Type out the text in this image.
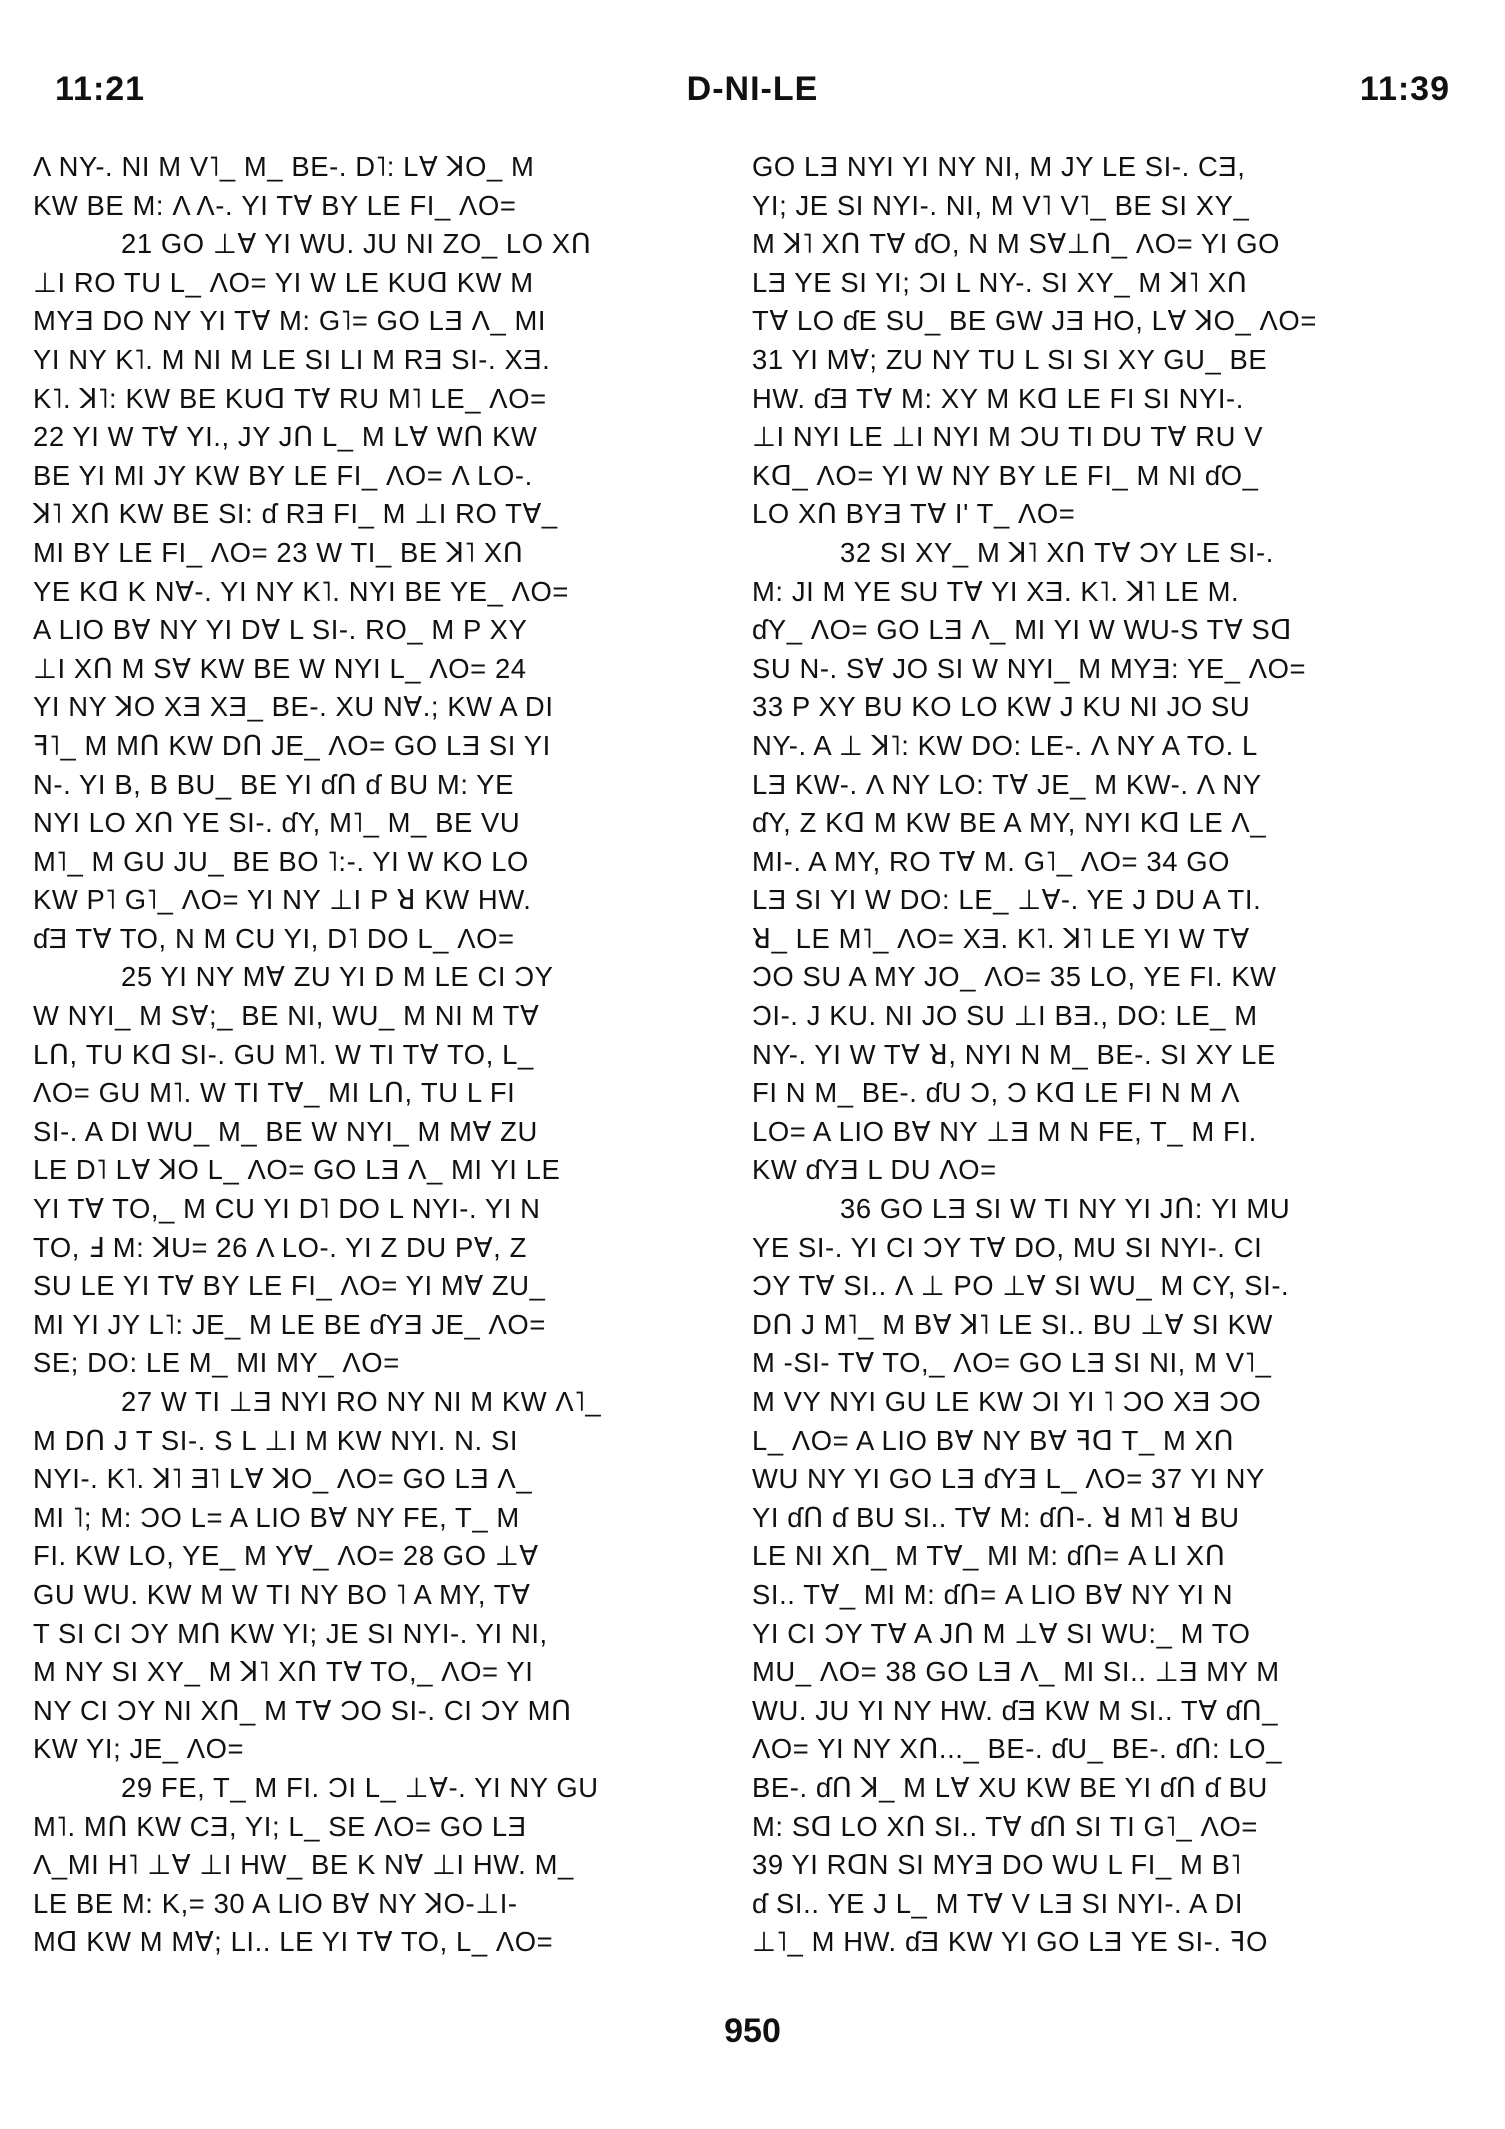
11:21	D-NI-LE	11:39
Λ NY-. NI M V˥_ M_ BE-. D˥: LⱯ ꓘO_ M
KW BE M: Λ Λ-. YI TⱯ BY LE FI_ ɅO=
21 GO ⊥Ɐ YI WU. JU NI ZO_ LO XՈ
⊥I RO TU L_ ɅO= YI W LE KUꓷ KW M
MYƎ DO NY YI TⱯ M: G˥= GO LƎ Λ_ MI
YI NY K˥. M NI M LE SI LI M RƎ SI-. XƎ.
K˥. ꓘ˥: KW BE KUꓷ TⱯ RU M˥ LE_ ɅO=
22 YI W TⱯ YI., JY JՈ L_ M LⱯ WՈ KW
BE YI MI JY KW BY LE FI_ ɅO= Λ LO-.
ꓘ˥ XՈ KW BE SI: ɗ RƎ FI_ M ⊥I RO TⱯ_
MI BY LE FI_ ɅO= 23 W TI_ BE ꓘ˥ XՈ
YE Kꓷ K NⱯ-. YI NY K˥. NYI BE YE_ ɅO=
A LIO BⱯ NY YI DⱯ L SI-. RO_ M P XY
⊥I XՈ M SⱯ KW BE W NYI L_ ɅO= 24
YI NY ꓘO XƎ XƎ_ BE-. XU NⱯ.; KW A DI
ꟻ˥_ M MՈ KW DՈ JE_ ɅO= GO LƎ SI YI
N-. YI B, B BU_ BE YI ɗՈ ɗ BU M: YE
NYI LO XՈ YE SI-. ɗY, M˥_ M_ BE VU
M˥_ M GU JU_ BE BO ˥:-. YI W KO LO
KW P˥ G˥_ ɅO= YI NY ⊥I P ꓤ KW HW.
ɗƎ TⱯ TO, N M CU YI, D˥ DO L_ ɅO=
25 YI NY MⱯ ZU YI D M LE CI ƆY
W NYI_ M SⱯ;_ BE NI, WU_ M NI M TⱯ
LՈ, TU Kꓷ SI-. GU M˥. W TI TⱯ TO, L_
ɅO= GU M˥. W TI TⱯ_ MI LՈ, TU L FI
SI-. A DI WU_ M_ BE W NYI_ M MⱯ ZU
LE D˥ LⱯ ꓘO L_ ɅO= GO LƎ Λ_ MI YI LE
YI TⱯ TO,_ M CU YI D˥ DO L NYI-. YI N
TO, Ⅎ M: ꓘU= 26 Λ LO-. YI Z DU PⱯ, Z
SU LE YI TⱯ BY LE FI_ ɅO= YI MⱯ ZU_
MI YI JY L˥: JE_ M LE BE ɗYƎ JE_ ɅO=
SE; DO: LE M_ MI MY_ ɅO=
27 W TI ⊥Ǝ NYI RO NY NI M KW Λ˥_
M DՈ J T SI-. S L ⊥I M KW NYI. N. SI
NYI-. K˥. ꓘ˥ Ǝ˥ LⱯ ꓘO_ ɅO= GO LƎ Λ_
MI ˥; M: ƆO L= A LIO BⱯ NY FE, T_ M
FI. KW LO, YE_ M YⱯ_ ɅO= 28 GO ⊥Ɐ
GU WU. KW M W TI NY BO ˥ A MY, TⱯ
T SI CI ƆY MՈ KW YI; JE SI NYI-. YI NI,
M NY SI XY_ M ꓘ˥ XՈ TⱯ TO,_ ɅO= YI
NY CI ƆY NI XՈ_ M TⱯ ƆO SI-. CI ƆY MՈ
KW YI; JE_ ɅO=
29 FE, T_ M FI. ƆI L_ ⊥Ɐ-. YI NY GU
M˥. MՈ KW CƎ, YI; L_ SE ɅO= GO LƎ
Λ_MI H˥ ⊥Ɐ ⊥I HW_ BE K NⱯ ⊥I HW. M_
LE BE M: K,= 30 A LIO BⱯ NY ꓘO-⊥I-
Mꓷ KW M MⱯ; LI.. LE YI TⱯ TO, L_ ɅO=
GO LƎ NYI YI NY NI, M JY LE SI-. CƎ,
YI; JE SI NYI-. NI, M V˥ V˥_ BE SI XY_
M ꓘ˥ XՈ TⱯ ɗO, N M SⱯ⊥Ո_ ɅO= YI GO
LƎ YE SI YI; ƆI L NY-. SI XY_ M ꓘ˥ XՈ
TⱯ LO ɗE SU_ BE GW JƎ HO, LⱯ ꓘO_ ɅO=
31 YI MⱯ; ZU NY TU L SI SI XY GU_ BE
HW. ɗƎ TⱯ M: XY M Kꓷ LE FI SI NYI-.
⊥I NYI LE ⊥I NYI M ƆU TI DU TⱯ RU V
Kꓷ_ ɅO= YI W NY BY LE FI_ M NI ɗO_
LO XՈ BYƎ TⱯ I' T_ ɅO=
32 SI XY_ M ꓘ˥ XՈ TⱯ ƆY LE SI-.
M: JI M YE SU TⱯ YI XƎ. K˥. ꓘ˥ LE M.
ɗY_ ɅO= GO LƎ Λ_ MI YI W WU-S TⱯ Sꓷ
SU N-. SⱯ JO SI W NYI_ M MYƎ: YE_ ɅO=
33 P XY BU KO LO KW J KU NI JO SU
NY-. A ⊥ ꓘ˥: KW DO: LE-. Λ NY A TO. L
LƎ KW-. Λ NY LO: TⱯ JE_ M KW-. Λ NY
ɗY, Z Kꓷ M KW BE A MY, NYI Kꓷ LE Λ_
MI-. A MY, RO TⱯ M. G˥_ ɅO= 34 GO
LƎ SI YI W DO: LE_ ⊥Ɐ-. YE J DU A TI.
ꓤ_ LE M˥_ ɅO= XƎ. K˥. ꓘ˥ LE YI W TⱯ
ƆO SU A MY JO_ ɅO= 35 LO, YE FI. KW
ƆI-. J KU. NI JO SU ⊥I BƎ., DO: LE_ M
NY-. YI W TⱯ ꓤ, NYI N M_ BE-. SI XY LE
FI N M_ BE-. ɗU Ɔ, Ɔ Kꓷ LE FI N M Λ
LO= A LIO BⱯ NY ⊥Ǝ M N FE, T_ M FI.
KW ɗYƎ L DU ɅO=
36 GO LƎ SI W TI NY YI JՈ: YI MU
YE SI-. YI CI ƆY TⱯ DO, MU SI NYI-. CI
ƆY TⱯ SI.. Λ ⊥ PO ⊥Ɐ SI WU_ M CY, SI-.
DՈ J M˥_ M BⱯ ꓘ˥ LE SI.. BU ⊥Ɐ SI KW
M -SI- TⱯ TO,_ ɅO= GO LƎ SI NI, M V˥_
M VY NYI GU LE KW ƆI YI ˥ ƆO XƎ ƆO
L_ ɅO= A LIO BⱯ NY BⱯ ꟻꓷ T_ M XՈ
WU NY YI GO LƎ ɗYƎ L_ ɅO= 37 YI NY
YI ɗՈ ɗ BU SI.. TⱯ M: ɗՈ-. ꓤ M˥ ꓤ BU
LE NI XՈ_ M TⱯ_ MI M: ɗՈ= A LI XՈ
SI.. TⱯ_ MI M: ɗՈ= A LIO BⱯ NY YI N
YI CI ƆY TⱯ A JՈ M ⊥Ɐ SI WU:_ M TO
MU_ ɅO= 38 GO LƎ Λ_ MI SI.. ⊥Ǝ MY M
WU. JU YI NY HW. ɗƎ KW M SI.. TⱯ ɗՈ_
ɅO= YI NY XՈ..._ BE-. ɗU_ BE-. ɗՈ: LO_
BE-. ɗՈ ꓘ_ M LⱯ XU KW BE YI ɗՈ ɗ BU
M: Sꓷ LO XՈ SI.. TⱯ ɗՈ SI TI G˥_ ɅO=
39 YI RꓷN SI MYƎ DO WU L FI_ M B˥
ɗ SI.. YE J L_ M TⱯ V LƎ SI NYI-. A DI
⊥˥_ M HW. ɗƎ KW YI GO LƎ YE SI-. ꟻO
950
